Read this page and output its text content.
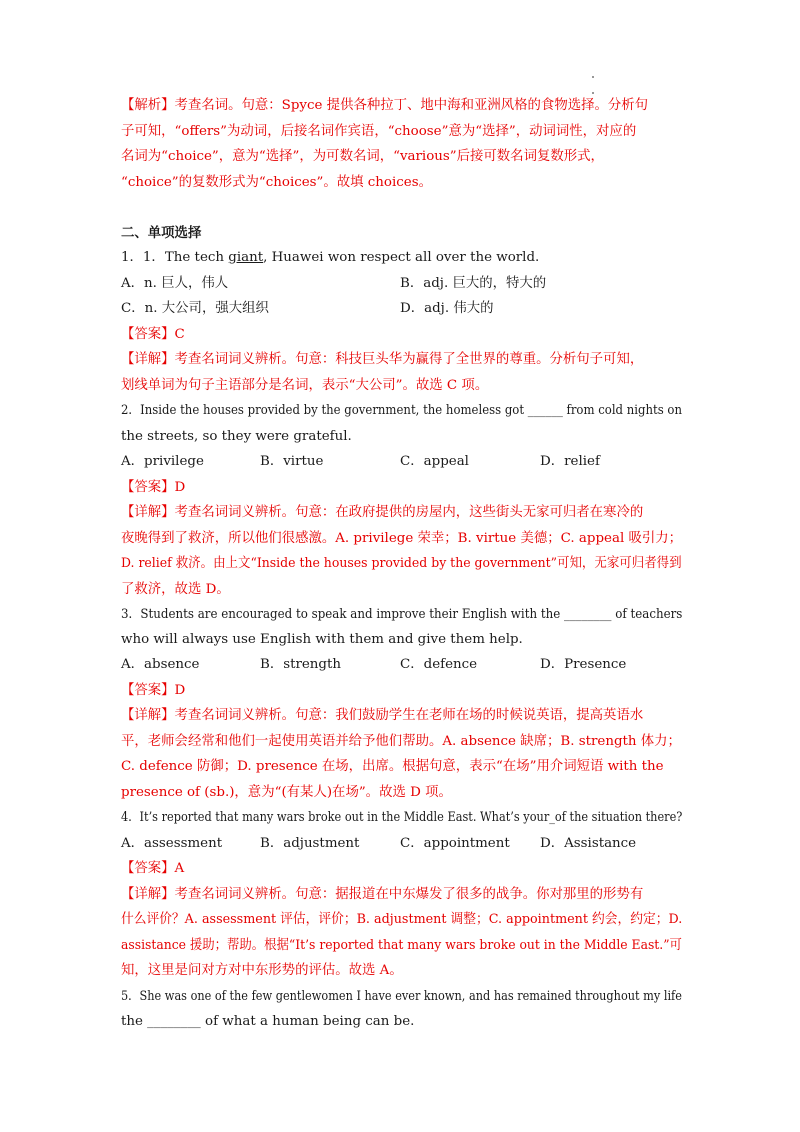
【解析】考查名词。句意：Spyce 提供各种拉丁、地中海和亚洲风格的食物选择。分析句
子可知，“offers”为动词，后接名词作宾语，“choose”意为“选择”，动词词性，对应的
名词为“choice”，意为“选择”，为可数名词，“various”后接可数名词复数形式，
“choice”的复数形式为“choices”。故填 choices。
二、单项选择
1．1．The tech giant, Huawei won respect all over the world.
A．n. 巨人，伟人	B．adj. 巨大的，特大的
C．n. 大公司，强大组织	D．adj. 伟大的
【答案】C
【详解】考查名词词义辨析。句意：科技巨头华为赢得了全世界的尊重。分析句子可知，
划线单词为句子主语部分是名词，表示“大公司”。故选 C 项。
2．Inside the houses provided by the government, the homeless got ______ from cold nights on
the streets, so they were grateful.
A．privilege	B．virtue	C．appeal	D．relief
【答案】D
【详解】考查名词词义辨析。句意：在政府提供的房屋内，这些街头无家可归者在寒冷的
夜晚得到了救济，所以他们很感激。A. privilege 荣幸；B. virtue 美德；C. appeal 吸引力；
D. relief 救济。由上文“Inside the houses provided by the government”可知，无家可归者得到
了救济，故选 D。
3．Students are encouraged to speak and improve their English with the ________ of teachers
who will always use English with them and give them help.
A．absence	B．strength	C．defence	D．Presence
【答案】D
【详解】考查名词词义辨析。句意：我们鼓励学生在老师在场的时候说英语，提高英语水
平，老师会经常和他们一起使用英语并给予他们帮助。A. absence 缺席；B. strength 体力；
C. defence 防御；D. presence 在场，出席。根据句意，表示“在场”用介词短语 with the
presence of (sb.)，意为“(有某人)在场”。故选 D 项。
4．It’s reported that many wars broke out in the Middle East. What’s your_of the situation there?
A．assessment	B．adjustment	C．appointment D．Assistance
【答案】A
【详解】考查名词词义辨析。句意：据报道在中东爆发了很多的战争。你对那里的形势有
什么评价？A. assessment 评估，评价；B. adjustment 调整；C. appointment 约会，约定；D.
assistance 援助；帮助。根据“It’s reported that many wars broke out in the Middle East.”可
知，这里是问对方对中东形势的评估。故选 A。
5．She was one of the few gentlewomen I have ever known, and has remained throughout my life
the ________ of what a human being can be.
